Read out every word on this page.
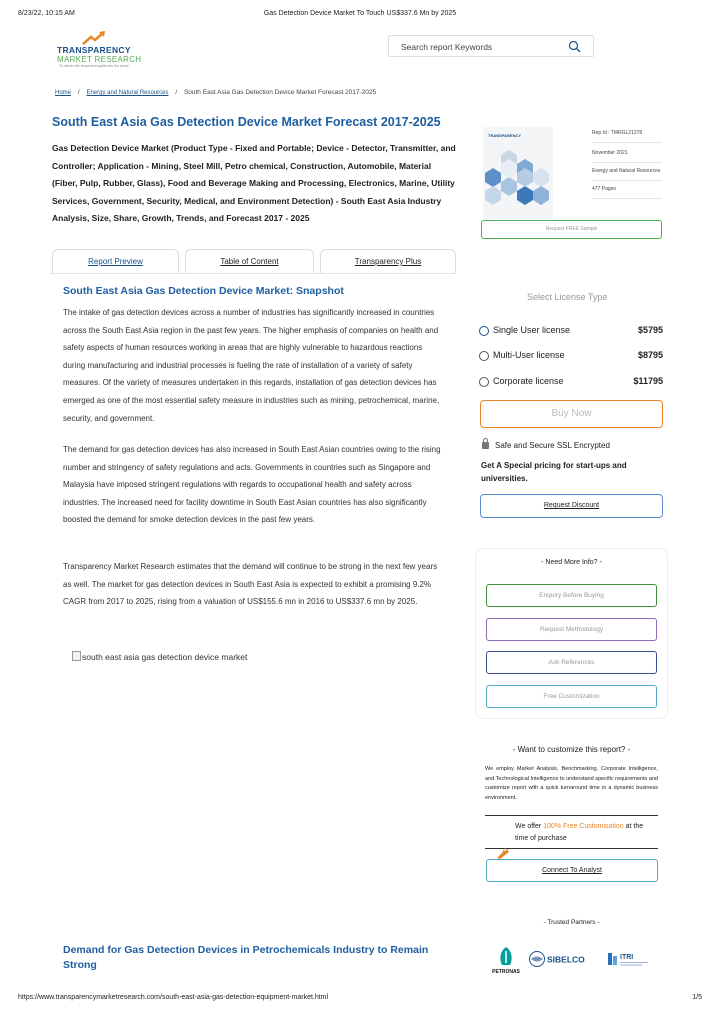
8/23/22, 10:15 AM	Gas Detection Device Market To Touch US$337.6 Mn by 2025
TRANSPARENCY
MARKET RESEARCH
To deliver the simplest insights into the future
Search report Keywords
Home / Energy and Natural Resources / South East Asia Gas Detection Device Market Forecast 2017-2025
South East Asia Gas Detection Device Market Forecast 2017-2025
Gas Detection Device Market (Product Type - Fixed and Portable; Device - Detector, Transmitter, and Controller; Application - Mining, Steel Mill, Petro chemical, Construction, Automobile, Material (Fiber, Pulp, Rubber, Glass), Food and Beverage Making and Processing, Electronics, Marine, Utility Services, Government, Security, Medical, and Environment Detection) - South East Asia Industry Analysis, Size, Share, Growth, Trends, and Forecast 2017 - 2025
TRANSPARENCY	Rep Id : TMRGL21278
November 2021
Energy and Natural Resources
477 Pages
Request FREE Sample
Report Preview	Table of Content	Transparency Plus
South East Asia Gas Detection Device Market: Snapshot

The intake of gas detection devices across a number of industries has significantly increased in countries across the South East Asia region in the past few years. The higher emphasis of companies on health and safety aspects of human resources working in areas that are highly vulnerable to hazardous reactions during manufacturing and industrial processes is fueling the rate of installation of a variety of safety measures. Of the variety of measures undertaken in this regards, installation of gas detection devices has emerged as one of the most essential safety measure in industries such as mining, petrochemical, marine, security, and government.

The demand for gas detection devices has also increased in South East Asian countries owing to the rising number and stringency of safety regulations and acts. Governments in countries such as Singapore and Malaysia have imposed stringent regulations with regards to occupational health and safety across industries. The increased need for facility downtime in South East Asian countries has also significantly boosted the demand for smoke detection devices in the past few years.

Transparency Market Research estimates that the demand will continue to be strong in the next few years as well. The market for gas detection devices in South East Asia is expected to exhibit a promising 9.2% CAGR from 2017 to 2025, rising from a valuation of US$155.6 mn in 2016 to US$337.6 mn by 2025.

south east asia gas detection device market
Demand for Gas Detection Devices in Petrochemicals Industry to Remain Strong
Select License Type
Single User license	$5795
Multi-User license	$8795
Corporate license	$11795
Buy Now
Safe and Secure SSL Encrypted
Get A Special pricing for start-ups and universities.
Request Discount
- Need More Info? -
Enquiry Before Buying
Request Methodology
Ask References
Free Customization
- Want to customize this report? -
We employ Market Analysis, Benchmarking, Corporate Intelligence, and Technological Intelligence to understand specific requirements and customize report with a quick turnaround time in a dynamic business environment.
We offer 100% Free Customisation at the time of purchase
Connect To Analyst
- Trusted Partners -
PETRONAS
SIBELCO	ITRI
https://www.transparencymarketresearch.com/south-east-asia-gas-detection-equipment-market.html	1/5
